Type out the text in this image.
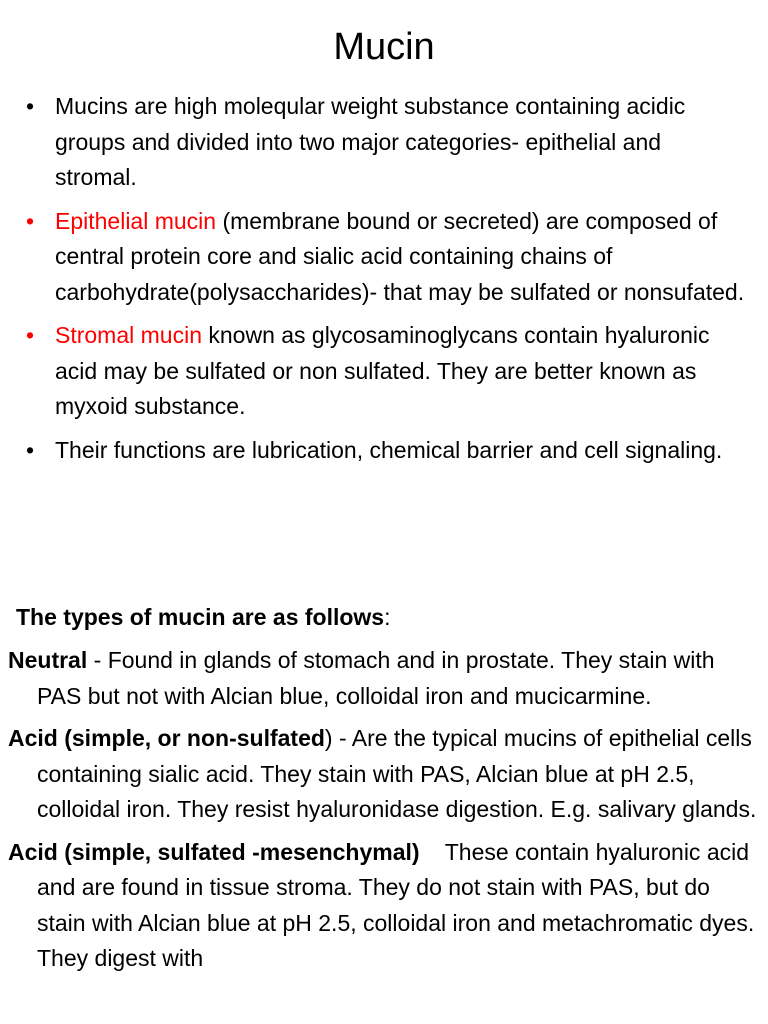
Mucin
• Mucins are high moleqular weight substance containing acidic groups and divided into two major categories- epithelial and stromal.
• Epithelial mucin (membrane bound or secreted) are composed of central protein core and sialic acid containing chains of carbohydrate(polysaccharides)- that may be sulfated or nonsufated.
• Stromal mucin known as glycosaminoglycans contain hyaluronic acid may be sulfated or non sulfated. They are better known as myxoid substance.
• Their functions are lubrication, chemical barrier and cell signaling.

The types of mucin are as follows:

Neutral - Found in glands of stomach and in prostate. They stain with PAS but not with Alcian blue, colloidal iron and mucicarmine.

Acid (simple, or non-sulfated) - Are the typical mucins of epithelial cells containing sialic acid. They stain with PAS, Alcian blue at pH 2.5, colloidal iron. They resist hyaluronidase digestion. E.g. salivary glands.

Acid (simple, sulfated -mesenchymal)    These contain hyaluronic acid and are found in tissue stroma. They do not stain with PAS, but do stain with Alcian blue at pH 2.5, colloidal iron and metachromatic dyes. They digest with
